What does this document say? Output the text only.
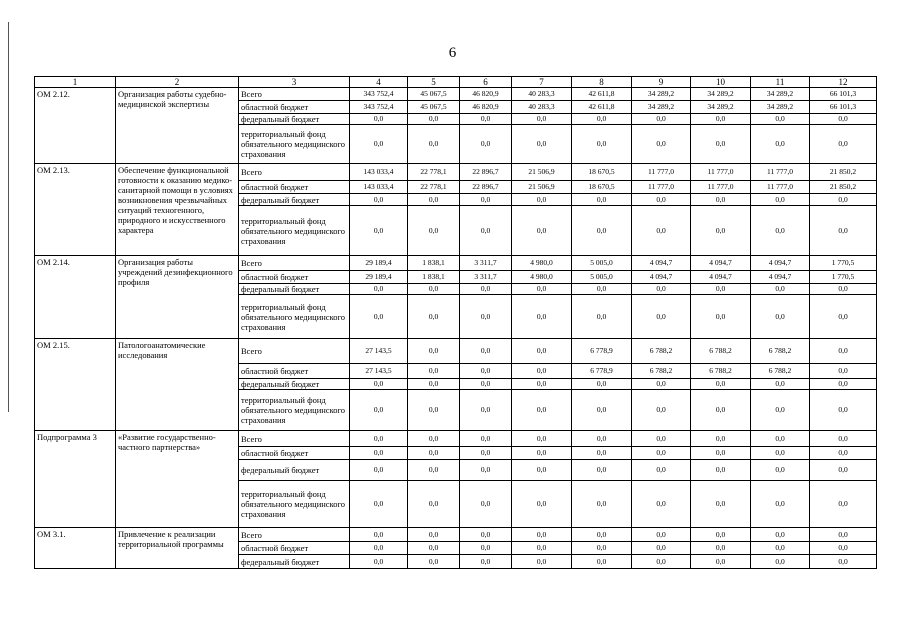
6
1	2	3	4	5	6	7	8	9	10	11	12
ОМ 2.12.	Организация работы судебно-медицинской экспертизы	Всего	343 752,4	45 067,5	46 820,9	40 283,3	42 611,8	34 289,2	34 289,2	34 289,2	66 101,3
		областной бюджет	343 752,4	45 067,5	46 820,9	40 283,3	42 611,8	34 289,2	34 289,2	34 289,2	66 101,3
		федеральный бюджет	0,0	0,0	0,0	0,0	0,0	0,0	0,0	0,0	0,0
		территориальный фонд обязательного медицинского страхования	0,0	0,0	0,0	0,0	0,0	0,0	0,0	0,0	0,0
ОМ 2.13.	Обеспечение функциональной готовности к оказанию медико-санитарной помощи в условиях возникновения чрезвычайных ситуаций техногенного, природного и искусственного характера	Всего	143 033,4	22 778,1	22 896,7	21 506,9	18 670,5	11 777,0	11 777,0	11 777,0	21 850,2
		областной бюджет	143 033,4	22 778,1	22 896,7	21 506,9	18 670,5	11 777,0	11 777,0	11 777,0	21 850,2
		федеральный бюджет	0,0	0,0	0,0	0,0	0,0	0,0	0,0	0,0	0,0
		территориальный фонд обязательного медицинского страхования	0,0	0,0	0,0	0,0	0,0	0,0	0,0	0,0	0,0
ОМ 2.14.	Организация работы учреждений дезинфекционного профиля	Всего	29 189,4	1 838,1	3 311,7	4 980,0	5 005,0	4 094,7	4 094,7	4 094,7	1 770,5
		областной бюджет	29 189,4	1 838,1	3 311,7	4 980,0	5 005,0	4 094,7	4 094,7	4 094,7	1 770,5
		федеральный бюджет	0,0	0,0	0,0	0,0	0,0	0,0	0,0	0,0	0,0
		территориальный фонд обязательного медицинского страхования	0,0	0,0	0,0	0,0	0,0	0,0	0,0	0,0	0,0
ОМ 2.15.	Патологоанатомические исследования	Всего	27 143,5	0,0	0,0	0,0	6 778,9	6 788,2	6 788,2	6 788,2	0,0
		областной бюджет	27 143,5	0,0	0,0	0,0	6 778,9	6 788,2	6 788,2	6 788,2	0,0
		федеральный бюджет	0,0	0,0	0,0	0,0	0,0	0,0	0,0	0,0	0,0
		территориальный фонд обязательного медицинского страхования	0,0	0,0	0,0	0,0	0,0	0,0	0,0	0,0	0,0
Подпрограмма 3	«Развитие государственно-частного партнерства»	Всего	0,0	0,0	0,0	0,0	0,0	0,0	0,0	0,0	0,0
		областной бюджет	0,0	0,0	0,0	0,0	0,0	0,0	0,0	0,0	0,0
		федеральный бюджет	0,0	0,0	0,0	0,0	0,0	0,0	0,0	0,0	0,0
		территориальный фонд обязательного медицинского страхования	0,0	0,0	0,0	0,0	0,0	0,0	0,0	0,0	0,0
ОМ 3.1.	Привлечение к реализации территориальной программы	Всего	0,0	0,0	0,0	0,0	0,0	0,0	0,0	0,0	0,0
		областной бюджет	0,0	0,0	0,0	0,0	0,0	0,0	0,0	0,0	0,0
		федеральный бюджет	0,0	0,0	0,0	0,0	0,0	0,0	0,0	0,0	0,0
